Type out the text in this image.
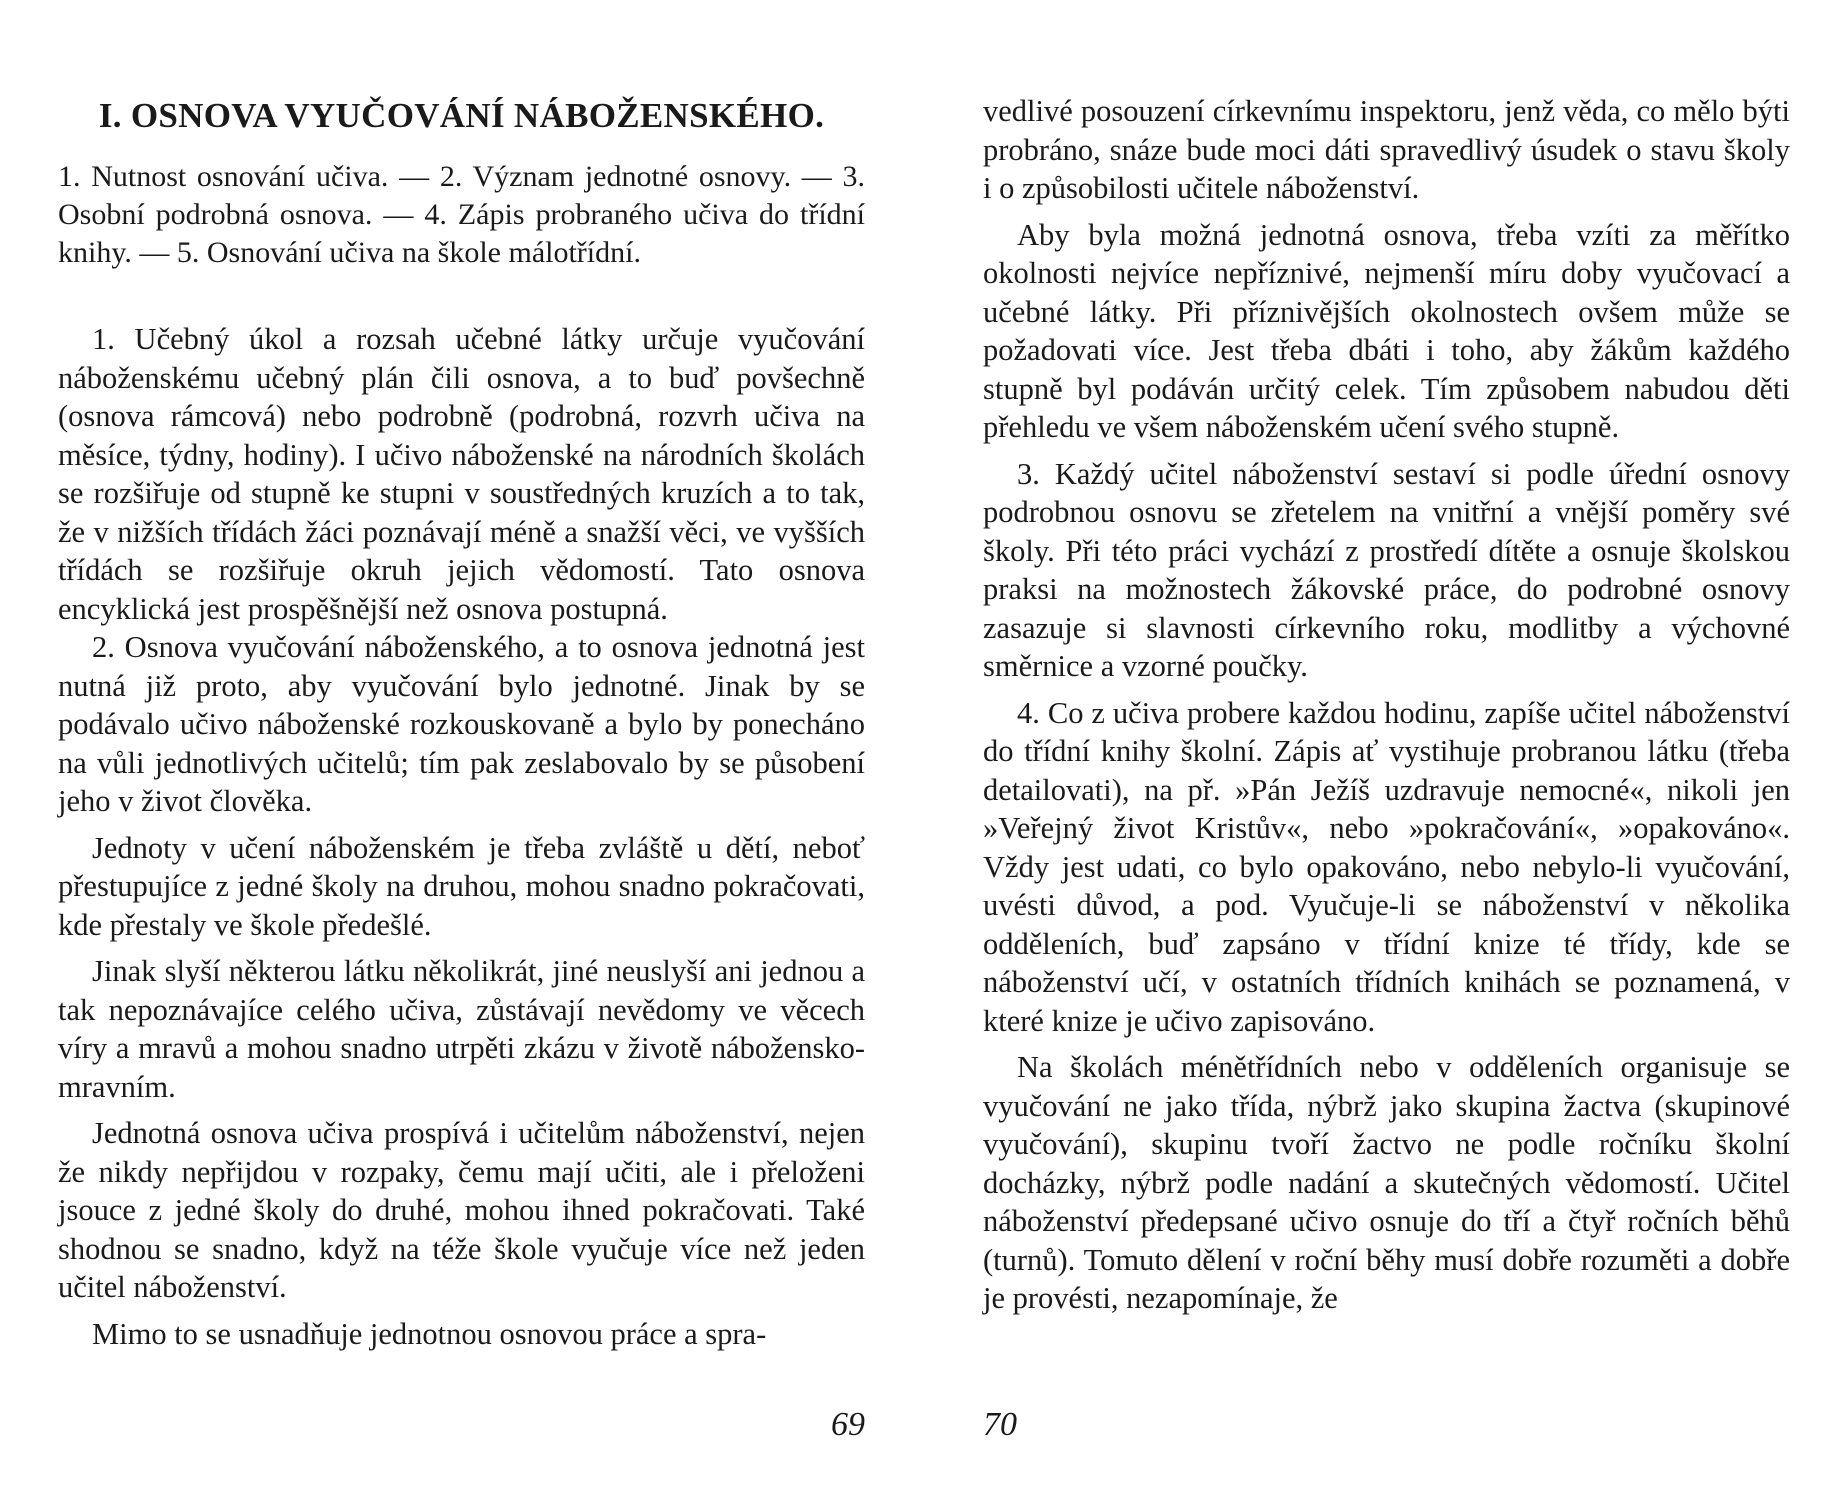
I. OSNOVA VYUČOVÁNÍ NÁBOŽENSKÉHO.
1. Nutnost osnování učiva. — 2. Význam jednotné osnovy. — 3. Osobní podrobná osnova. — 4. Zápis probraného učiva do třídní knihy. — 5. Osnování učiva na škole málotřídní.

1. Učebný úkol a rozsah učebné látky určuje vyučování náboženskému učebný plán čili osnova, a to buď povšechně (osnova rámcová) nebo podrobně (podrobná, rozvrh učiva na měsíce, týdny, hodiny). I učivo náboženské na národních školách se rozšiřuje od stupně ke stupni v soustředných kruzích a to tak, že v nižších třídách žáci poznávají méně a snažší věci, ve vyšších třídách se rozšiřuje okruh jejich vědomostí. Tato osnova encyklická jest prospěšnější než osnova postupná.

2. Osnova vyučování náboženského, a to osnova jednotná jest nutná již proto, aby vyučování bylo jednotné. Jinak by se podávalo učivo náboženské rozkouskovaně a bylo by ponecháno na vůli jednotlivých učitelů; tím pak zeslabovalo by se působení jeho v život člověka.

Jednoty v učení náboženském je třeba zvláště u dětí, neboť přestupujíce z jedné školy na druhou, mohou snadno pokračovati, kde přestaly ve škole předešlé.

Jinak slyší některou látku několikrát, jiné neuslyší ani jednou a tak nepoznávajíce celého učiva, zůstávají nevědomy ve věcech víry a mravů a mohou snadno utrpěti zkázu v životě nábožensko-mravním.

Jednotná osnova učiva prospívá i učitelům náboženství, nejen že nikdy nepřijdou v rozpaky, čemu mají učiti, ale i přeloženi jsouce z jedné školy do druhé, mohou ihned pokračovati. Také shodnou se snadno, když na téže škole vyučuje více než jeden učitel náboženství.

Mimo to se usnadňuje jednotnou osnovou práce a spra-

69

vedlivé posouzení církevnímu inspektoru, jenž věda, co mělo býti probráno, snáze bude moci dáti spravedlivý úsudek o stavu školy i o způsobilosti učitele náboženství.

Aby byla možná jednotná osnova, třeba vzíti za měřítko okolnosti nejvíce nepříznivé, nejmenší míru doby vyučovací a učebné látky. Při příznivějších okolnostech ovšem může se požadovati více. Jest třeba dbáti i toho, aby žákům každého stupně byl podáván určitý celek. Tím způsobem nabudou děti přehledu ve všem náboženském učení svého stupně.

3. Každý učitel náboženství sestaví si podle úřední osnovy podrobnou osnovu se zřetelem na vnitřní a vnější poměry své školy. Při této práci vychází z prostředí dítěte a osnuje školskou praksi na možnostech žákovské práce, do podrobné osnovy zasazuje si slavnosti církevního roku, modlitby a výchovné směrnice a vzorné poučky.

4. Co z učiva probere každou hodinu, zapíše učitel náboženství do třídní knihy školní. Zápis ať vystihuje probranou látku (třeba detailovati), na př. »Pán Ježíš uzdravuje nemocné«, nikoli jen »Veřejný život Kristův«, nebo »pokračování«, »opakováno«. Vždy jest udati, co bylo opakováno, nebo nebylo-li vyučování, uvésti důvod, a pod. Vyučuje-li se náboženství v několika odděleních, buď zapsáno v třídní knize té třídy, kde se náboženství učí, v ostatních třídních knihách se poznamená, v které knize je učivo zapisováno.

Na školách ménětřídních nebo v odděleních organisuje se vyučování ne jako třída, nýbrž jako skupina žactva (skupinové vyučování), skupinu tvoří žactvo ne podle ročníku školní docházky, nýbrž podle nadání a skutečných vědomostí. Učitel náboženství předepsané učivo osnuje do tří a čtyř ročních běhů (turnů). Tomuto dělení v roční běhy musí dobře rozuměti a dobře je provésti, nezapomínaje, že

70
